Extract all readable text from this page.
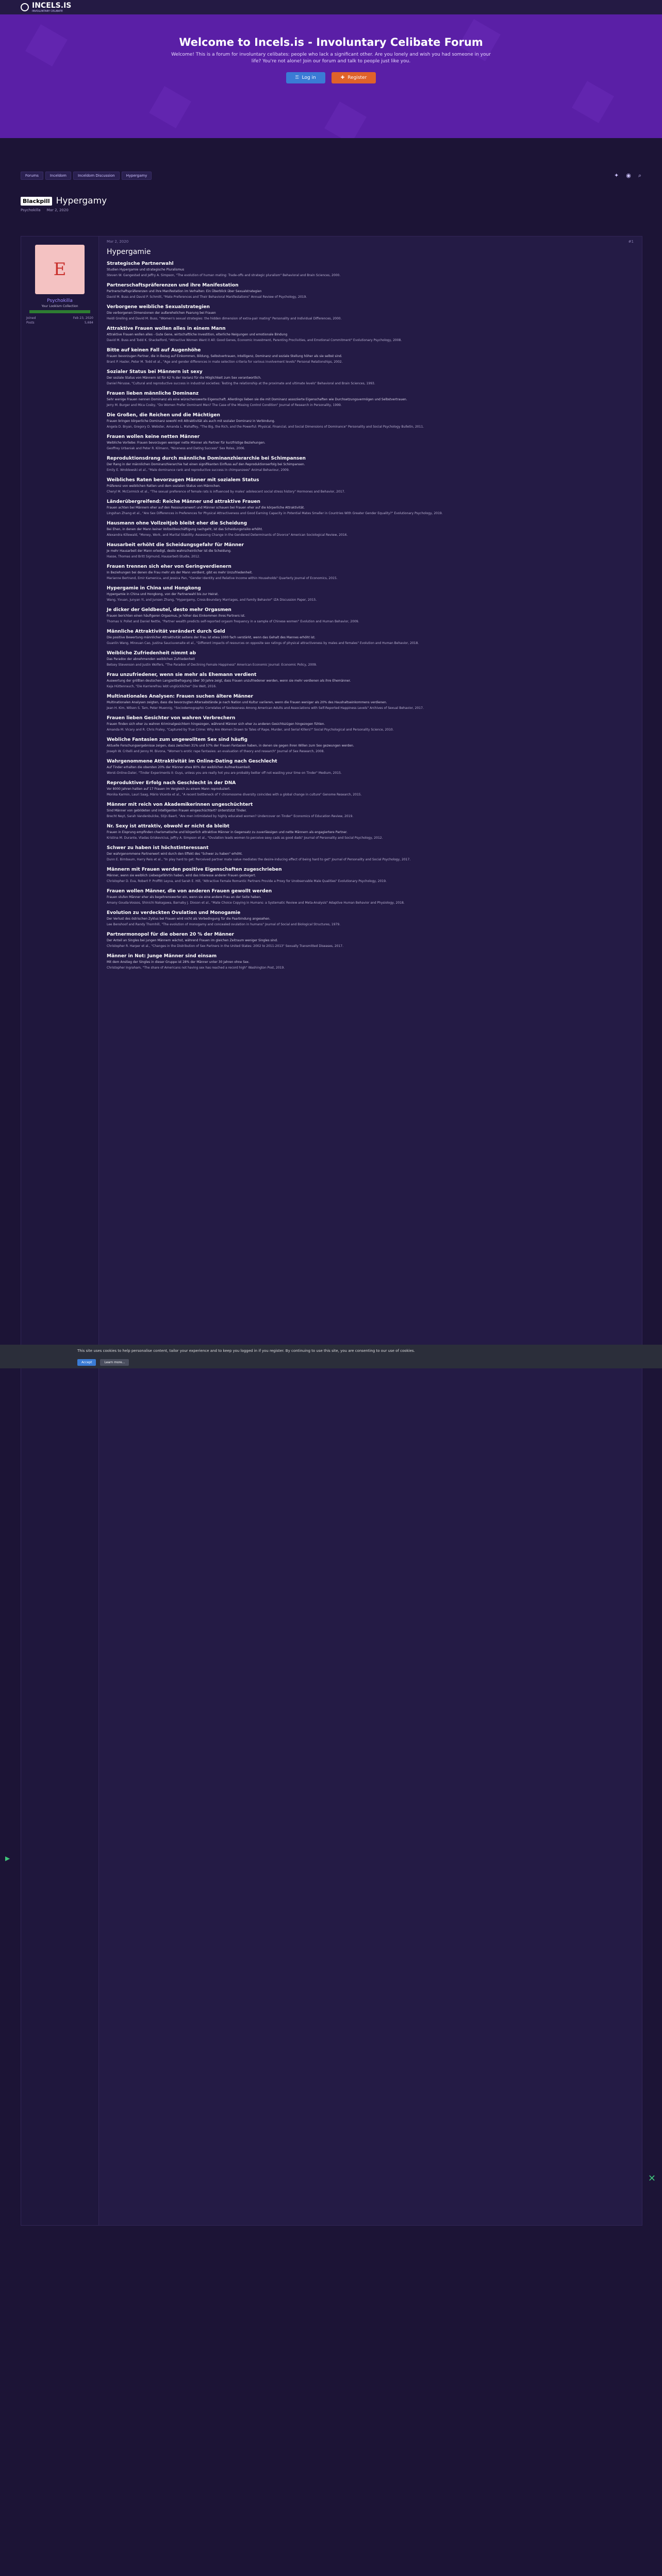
INCELS.IS
INVOLUNTARY CELIBATE
Welcome to Incels.is - Involuntary Celibate Forum

Welcome! This is a forum for involuntary celibates: people who lack a significant other. Are you lonely and wish you had someone in your life? You're not alone! Join our forum and talk to people just like you.

⚿ Log in	✚ Register
Forums	Inceldom	Inceldom Discussion	Hypergamy	✦ ◉ ⌕
Blackpill Hypergamy
Psychokilla Mar 2, 2020
E
Psychokilla
Your Lookism Collection
Joined	Feb 23, 2020
Posts	5,684
Mar 2, 2020	#1
Hypergamie
Strategische Partnerwahl

Studien Hypergamie und strategische Pluralismus

Steven W. Gangestad and Jeffry A. Simpson, "The evolution of human mating: Trade-offs and strategic pluralism" Behavioral and Brain Sciences, 2000.

Partnerschaftspräferenzen und ihre Manifestation

Partnerschaftspräferenzen und ihre Manifestation im Verhalten: Ein Überblick über Sexualstrategien

David M. Buss and David P. Schmitt, "Mate Preferences and Their Behavioral Manifestations" Annual Review of Psychology, 2019.

Verborgene weibliche Sexualstrategien

Die verborgenen Dimensionen der außerehelichen Paarung bei Frauen

Heidi Greiling and David M. Buss, "Women's sexual strategies: the hidden dimension of extra-pair mating" Personality and Individual Differences, 2000.

Attraktive Frauen wollen alles in einem Mann

Attraktive Frauen wollen alles - Gute Gene, wirtschaftliche Investition, elterliche Neigungen und emotionale Bindung

David M. Buss and Todd K. Shackelford, "Attractive Women Want it All: Good Genes, Economic Investment, Parenting Proclivities, and Emotional Commitment" Evolutionary Psychology, 2008.

Bitte auf keinen Fall auf Augenhöhe

Frauen bevorzugen Partner, die in Bezug auf Einkommen, Bildung, Selbstvertrauen, Intelligenz, Dominanz und soziale Stellung höher als sie selbst sind.

Brant P. Hasler, Peter M. Todd et al., "Age and gender differences in mate selection criteria for various involvement levels" Personal Relationships, 2002.

Sozialer Status bei Männern ist sexy

Der soziale Status von Männern ist für 62 % der Varianz für die Möglichkeit zum Sex verantwortlich.

Daniel Pérusse, "Cultural and reproductive success in industrial societies: Testing the relationship at the proximate and ultimate levels" Behavioral and Brain Sciences, 1993.

Frauen lieben männliche Dominanz

Sehr wenige Frauen nennen Dominanz als eine wünschenswerte Eigenschaft. Allerdings lieben sie die mit Dominanz assoziierte Eigenschaften wie Durchsetzungsvermögen und Selbstvertrauen.

Jerry M. Burger and Mica Cosby, "Do Women Prefer Dominant Men? The Case of the Missing Control Condition" Journal of Research in Personality, 1999.

Die Großen, die Reichen und die Mächtigen

Frauen bringen körperliche Dominanz sowohl mit Attraktivität als auch mit sozialer Dominanz in Verbindung.

Angela D. Bryan, Gregory D. Webster, Amanda L. Mahaffey, "The Big, the Rich, and the Powerful: Physical, Financial, and Social Dimensions of Dominance" Personality and Social Psychology Bulletin, 2011.

Frauen wollen keine netten Männer

Weibliche Vorliebe: Frauen bevorzugen weniger nette Männer als Partner für kurzfristige Beziehungen.

Geoffrey Urbaniak and Peter R. Kilmann, "Niceness and Dating Success" Sex Roles, 2006.

Reproduktionsdrang durch männliche Dominanzhierarchie bei Schimpansen

Der Rang in der männlichen Dominanzhierarchie hat einen signifikanten Einfluss auf den Reproduktionserfolg bei Schimpansen.

Emily E. Wroblewski et al., "Male dominance rank and reproductive success in chimpanzees" Animal Behaviour, 2009.

Weibliches Raten bevorzugen Männer mit sozialem Status

Präferenz von weiblichen Ratten und dem sozialen Status von Männchen.

Cheryl M. McCormick et al., "The sexual preference of female rats is influenced by males' adolescent social stress history" Hormones and Behavior, 2017.

Länderübergreifend: Reiche Männer und attraktive Frauen

Frauen achten bei Männern eher auf den Ressourcenwert und Männer schauen bei Frauen eher auf die körperliche Attraktivität.

Lingshan Zhang et al., "Are Sex Differences in Preferences for Physical Attractiveness and Good Earning Capacity in Potential Mates Smaller in Countries With Greater Gender Equality?" Evolutionary Psychology, 2019.

Hausmann ohne Vollzeitjob bleibt eher die Scheidung

Bei Ehen, in denen der Mann keiner Vollzeitbeschäftigung nachgeht, ist das Scheidungsrisiko erhöht.

Alexandra Killewald, "Money, Work, and Marital Stability: Assessing Change in the Gendered Determinants of Divorce" American Sociological Review, 2016.

Hausarbeit erhöht die Scheidungsgefahr für Männer

Je mehr Hausarbeit der Mann erledigt, desto wahrscheinlicher ist die Scheidung.

Hasse, Thomas and Britt Sigmund, Hausarbeit-Studie, 2012.

Frauen trennen sich eher von Geringverdienern

In Beziehungen bei denen die Frau mehr als der Mann verdient, gibt es mehr Unzufriedenheit.

Marianne Bertrand, Emir Kamenica, and Jessica Pan, "Gender Identity and Relative Income within Households" Quarterly Journal of Economics, 2015.

Hypergamie in China und Hongkong

Hypergamie in China und Hongkong, von der Partnerwahl bis zur Heirat.

Wang, Yixuan, Junyan Yi, and Junsen Zhang, "Hypergamy, Cross-Boundary Marriages, and Family Behavior" IZA Discussion Paper, 2015.

Je dicker der Geldbeutel, desto mehr Orgasmen

Frauen berichten einen häufigeren Orgasmus, je höher das Einkommen ihres Partners ist.

Thomas V. Pollet and Daniel Nettle, "Partner wealth predicts self-reported orgasm frequency in a sample of Chinese women" Evolution and Human Behavior, 2009.

Männliche Attraktivität verändert durch Geld

Die positive Bewertung männlicher Attraktivität seitens der Frau ist etwa 1000 fach verstärkt, wenn das Gehalt des Mannes erhöht ist.

Guanlin Wang, Minxuan Cao, Justina Sauciuvenaite et al., "Different impacts of resources on opposite sex ratings of physical attractiveness by males and females" Evolution and Human Behavior, 2018.

Weibliche Zufriedenheit nimmt ab

Das Paradox der abnehmenden weiblichen Zufriedenheit

Betsey Stevenson and Justin Wolfers, "The Paradox of Declining Female Happiness" American Economic Journal: Economic Policy, 2009.

Frau unzufriedener, wenn sie mehr als Ehemann verdient

Auswertung der größten deutschen Langzeitbefragung über 30 Jahre zeigt, dass Frauen unzufriedener werden, wenn sie mehr verdienen als ihre Ehemänner.

Kaja Hüttenrauch, "Die Karrierefrau lebt unglücklicher" Die Welt, 2016.

Multinationales Analysen: Frauen suchen ältere Männer

Multinationalen Analysen zeigten, dass die bevorzugten Altersabstände je nach Nation und Kultur variieren, wenn die Frauen weniger als 20% des Haushaltseinkommens verdienen.

Jean H. Kim, Wilson S. Tam, Peter Muennig, "Sociodemographic Correlates of Sexlessness Among American Adults and Associations with Self-Reported Happiness Levels" Archives of Sexual Behavior, 2017.

Frauen lieben Gesichter von wahren Verbrechern

Frauen finden sich eher zu wahren Kriminalgesichtern hingezogen, während Männer sich eher zu anderen Gesichtszügen hingezogen fühlen.

Amanda M. Vicary and R. Chris Fraley, "Captured by True Crime: Why Are Women Drawn to Tales of Rape, Murder, and Serial Killers?" Social Psychological and Personality Science, 2010.

Webliche Fantasien zum ungewolltem Sex sind häufig

Aktuelle Forschungsergebnisse zeigen, dass zwischen 31% und 57% der Frauen Fantasien haben, in denen sie gegen ihren Willen zum Sex gezwungen werden.

Joseph W. Critelli and Jenny M. Bivona, "Women's erotic rape fantasies: an evaluation of theory and research" Journal of Sex Research, 2008.

Wahrgenommene Attraktivität im Online-Dating nach Geschlecht

Auf Tinder erhalten die obersten 20% der Männer etwa 80% der weiblichen Aufmerksamkeit.

Worst-Online-Dater, "Tinder Experiments II: Guys, unless you are really hot you are probably better off not wasting your time on Tinder" Medium, 2015.

Reproduktiver Erfolg nach Geschlecht in der DNA

Vor 8000 Jahren hatten auf 17 Frauen im Vergleich zu einem Mann reproduziert.

Monika Karmin, Lauri Saag, Mário Vicente et al., "A recent bottleneck of Y chromosome diversity coincides with a global change in culture" Genome Research, 2015.

Männer mit reich von Akademikerinnen ungeschüchtert

Sind Männer von gebildeten und intelligenten Frauen eingeschüchtert? Unterstützt Tinder.

Brecht Neyt, Sarah Vandenbulcke, Stijn Baert, "Are men intimidated by highly educated women? Undercover on Tinder" Economics of Education Review, 2019.

Nr. Sexy ist attraktiv, obwohl er nicht da bleibt

Frauen in Eisprung empfinden charismatische und körperlich attraktive Männer in Gegensatz zu zuverlässigen und nette Männern als engagiertere Partner.

Kristina M. Durante, Vladas Griskevicius, Jeffry A. Simpson et al., "Ovulation leads women to perceive sexy cads as good dads" Journal of Personality and Social Psychology, 2012.

Schwer zu haben ist höchstinteressant

Der wahrgenommene Partnerwert wird durch den Effekt des "Schwer zu haben" erhöht.

Dunn E. Birnbaum, Harry Reis et al., "In play hard to get: Perceived partner mate value mediates the desire-inducing effect of being hard to get" Journal of Personality and Social Psychology, 2017.

Männern mit Frauen werden positive Eigenschaften zugeschrieben

Männer, wenn sie weiblich Liebesgefährtin haben, wird das Interesse anderer Frauen gesteigert.

Christopher D. Eva, Robert P. Proffitt Leyva, and Sarah E. Hill, "Attractive Female Romantic Partners Provide a Proxy for Unobservable Male Qualities" Evolutionary Psychology, 2019.

Frauen wollen Männer, die von anderen Frauen gewollt werden

Frauen stufen Männer eher als begehrenswerter ein, wenn sie eine andere Frau an der Seite haben.

Amany Gouda-Vossos, Shinichi Nakagawa, Barnaby J. Dixson et al., "Mate Choice Copying in Humans: a Systematic Review and Meta-Analysis" Adaptive Human Behavior and Physiology, 2018.

Evolution zu verdeckten Ovulation und Monogamie

Der Verlust des östrischen Zyklus bei Frauen wird nicht als Vorbedingung für die Paarbindung angesehen.

Lee Benshoof and Randy Thornhill, "The evolution of monogamy and concealed ovulation in humans" Journal of Social and Biological Structures, 1979.

Partnermonopol für die oberen 20 % der Männer

Der Anteil an Singles bei jungen Männern wächst, während Frauen im gleichen Zeitraum weniger Singles sind.

Christopher R. Harper et al., "Changes in the Distribution of Sex Partners in the United States: 2002 to 2011-2013" Sexually Transmitted Diseases, 2017.

Männer in Not: Junge Männer sind einsam

Mit dem Anstieg der Singles in dieser Gruppe ist 28% der Männer unter 30 Jahren ohne Sex.

Christopher Ingraham, "The share of Americans not having sex has reached a record high" Washington Post, 2019.

This site uses cookies to help personalise content, tailor your experience and to keep you logged in if you register. By continuing to use this site, you are consenting to our use of cookies.

Accept	Learn more...
▶
✕
